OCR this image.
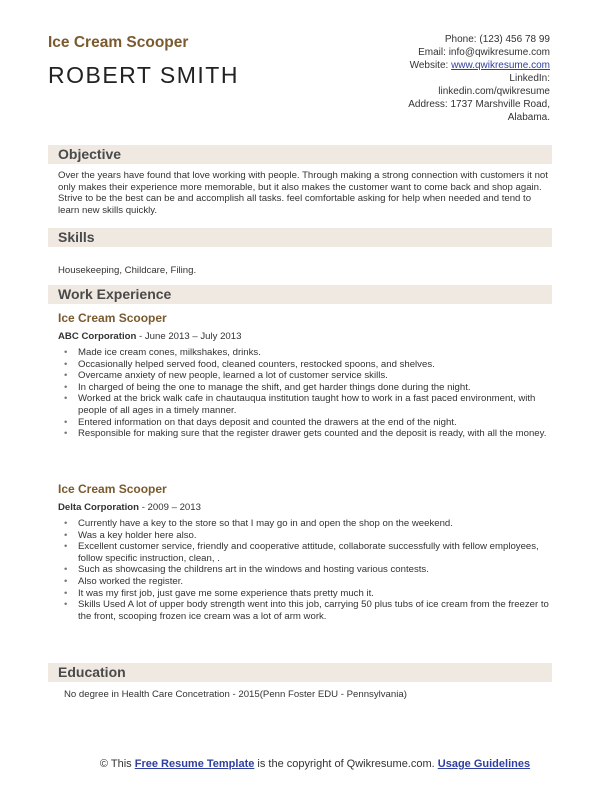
Ice Cream Scooper
ROBERT SMITH
Phone: (123) 456 78 99
Email: info@qwikresume.com
Website: www.qwikresume.com
LinkedIn:
linkedin.com/qwikresume
Address: 1737 Marshville Road,
Alabama.
Objective
Over the years have found that love working with people. Through making a strong connection with customers it not only makes their experience more memorable, but it also makes the customer want to come back and shop again. Strive to be the best can be and accomplish all tasks. feel comfortable asking for help when needed and tend to learn new skills quickly.
Skills
Housekeeping, Childcare, Filing.
Work Experience
Ice Cream Scooper
ABC Corporation - June 2013 – July 2013
• Made ice cream cones, milkshakes, drinks.
• Occasionally helped served food, cleaned counters, restocked spoons, and shelves.
• Overcame anxiety of new people, learned a lot of customer service skills.
• In charged of being the one to manage the shift, and get harder things done during the night.
• Worked at the brick walk cafe in chautauqua institution taught how to work in a fast paced environment, with people of all ages in a timely manner.
• Entered information on that days deposit and counted the drawers at the end of the night.
• Responsible for making sure that the register drawer gets counted and the deposit is ready, with all the money.
Ice Cream Scooper
Delta Corporation - 2009 – 2013
• Currently have a key to the store so that I may go in and open the shop on the weekend.
• Was a key holder here also.
• Excellent customer service, friendly and cooperative attitude, collaborate successfully with fellow employees, follow specific instruction, clean, .
• Such as showcasing the childrens art in the windows and hosting various contests.
• Also worked the register.
• It was my first job, just gave me some experience thats pretty much it.
• Skills Used A lot of upper body strength went into this job, carrying 50 plus tubs of ice cream from the freezer to the front, scooping frozen ice cream was a lot of arm work.
Education
No degree in Health Care Concetration - 2015(Penn Foster EDU - Pennsylvania)
© This Free Resume Template is the copyright of Qwikresume.com. Usage Guidelines
